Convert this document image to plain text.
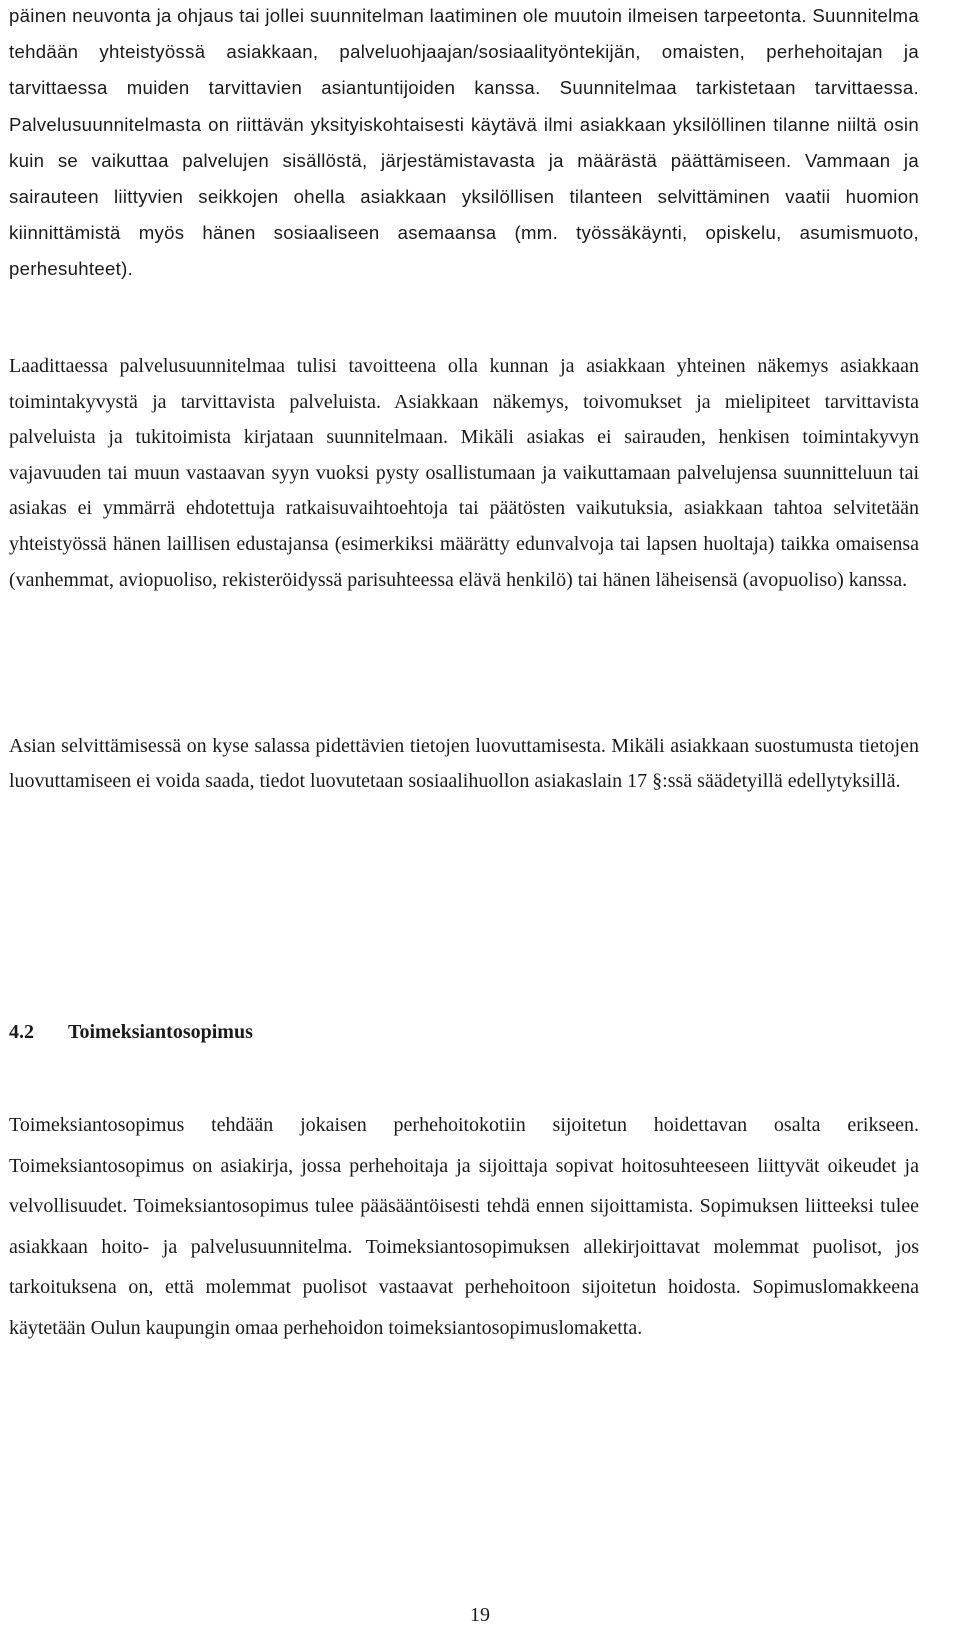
päinen neuvonta ja ohjaus tai jollei suunnitelman laatiminen ole muutoin ilmeisen tarpeetonta. Suunnitelma tehdään yhteistyössä asiakkaan, palveluohjaajan/sosiaalityöntekijän, omaisten, perhehoitajan ja tarvittaessa muiden tarvittavien asiantuntijoiden kanssa. Suunnitelmaa tarkistetaan tarvittaessa. Palvelusuunnitelmasta on riittävän yksityiskohtaisesti käytävä ilmi asiakkaan yksilöllinen tilanne niiltä osin kuin se vaikuttaa palvelujen sisällöstä, järjestämistavasta ja määrästä päättämiseen. Vammaan ja sairauteen liittyvien seikkojen ohella asiakkaan yksilöllisen tilanteen selvittäminen vaatii huomion kiinnittämistä myös hänen sosiaaliseen asemaansa (mm. työssäkäynti, opiskelu, asumismuoto, perhesuhteet).

Laadittaessa palvelusuunnitelmaa tulisi tavoitteena olla kunnan ja asiakkaan yhteinen näkemys asiakkaan toimintakyvystä ja tarvittavista palveluista. Asiakkaan näkemys, toivomukset ja mielipiteet tarvittavista palveluista ja tukitoimista kirjataan suunnitelmaan. Mikäli asiakas ei sairauden, henkisen toimintakyvyn vajavuuden tai muun vastaavan syyn vuoksi pysty osallistumaan ja vaikuttamaan palvelujensa suunnitteluun tai asiakas ei ymmärrä ehdotettuja ratkaisuvaihtoehtoja tai päätösten vaikutuksia, asiakkaan tahtoa selvitetään yhteistyössä hänen laillisen edustajansa (esimerkiksi määrätty edunvalvoja tai lapsen huoltaja) taikka omaisensa (vanhemmat, aviopuoliso, rekisteröidyssä parisuhteessa elävä henkilö) tai hänen läheisensä (avopuoliso) kanssa.

Asian selvittämisessä on kyse salassa pidettävien tietojen luovuttamisesta. Mikäli asiakkaan suostumusta tietojen luovuttamiseen ei voida saada, tiedot luovutetaan sosiaalihuollon asiakaslain 17 §:ssä säädetyillä edellytyksillä.

4.2 Toimeksiantosopimus

Toimeksiantosopimus tehdään jokaisen perhehoitokotiin sijoitetun hoidettavan osalta erikseen. Toimeksiantosopimus on asiakirja, jossa perhehoitaja ja sijoittaja sopivat hoitosuhteeseen liittyvät oikeudet ja velvollisuudet. Toimeksiantosopimus tulee pääsääntöisesti tehdä ennen sijoittamista. Sopimuksen liitteeksi tulee asiakkaan hoito- ja palvelusuunnitelma. Toimeksiantosopimuksen allekirjoittavat molemmat puolisot, jos tarkoituksena on, että molemmat puolisot vastaavat perhehoitoon sijoitetun hoidosta. Sopimuslomakkeena käytetään Oulun kaupungin omaa perhehoidon toimeksiantosopimuslomaketta.

19
